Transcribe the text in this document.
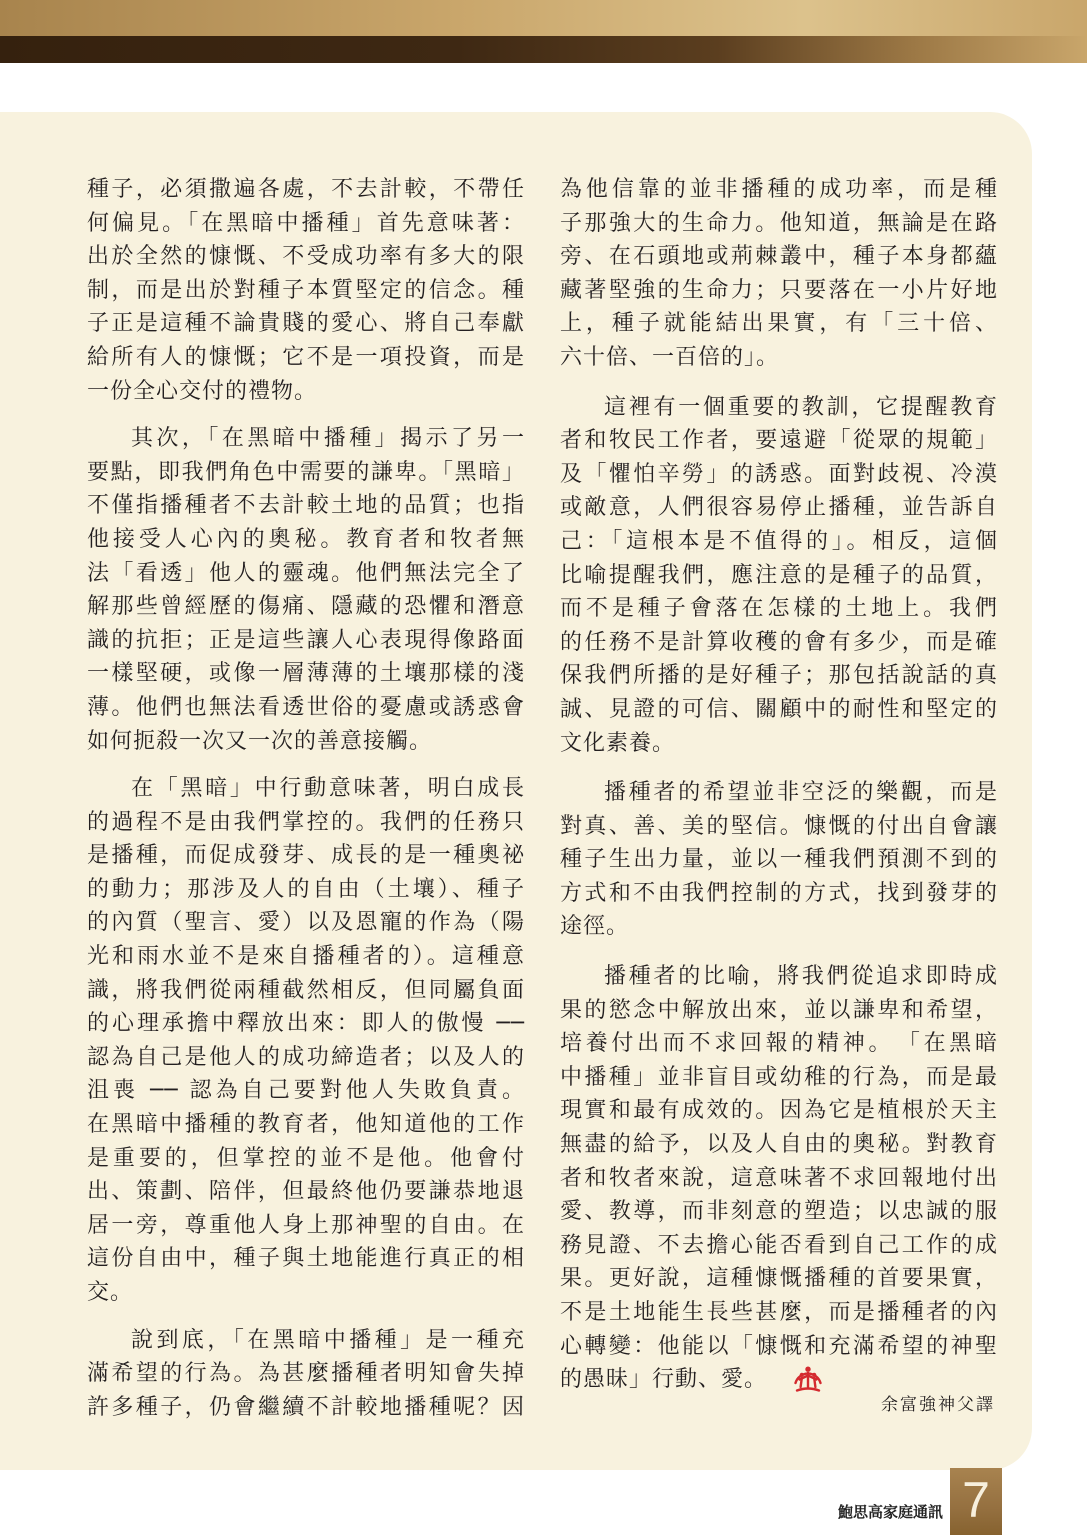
種子，必須撒遍各處，不去計較，不帶任
何偏見。「在黑暗中播種」首先意味著：
出於全然的慷慨、不受成功率有多大的限
制，而是出於對種子本質堅定的信念。種
子正是這種不論貴賤的愛心、將自己奉獻
給所有人的慷慨；它不是一項投資，而是
一份全心交付的禮物。
其次，「在黑暗中播種」揭示了另一
要點，即我們角色中需要的謙卑。「黑暗」
不僅指播種者不去計較土地的品質；也指
他接受人心內的奧秘。教育者和牧者無
法「看透」他人的靈魂。他們無法完全了
解那些曾經歷的傷痛、隱藏的恐懼和潛意
識的抗拒；正是這些讓人心表現得像路面
一樣堅硬，或像一層薄薄的土壤那樣的淺
薄。他們也無法看透世俗的憂慮或誘惑會
如何扼殺一次又一次的善意接觸。
在「黑暗」中行動意味著，明白成長
的過程不是由我們掌控的。我們的任務只
是播種，而促成發芽、成長的是一種奧祕
的動力；那涉及人的自由（土壤）、種子
的內質（聖言、愛）以及恩寵的作為（陽
光和雨水並不是來自播種者的）。這種意
識，將我們從兩種截然相反，但同屬負面
的心理承擔中釋放出來：即人的傲慢 ──
認為自己是他人的成功締造者；以及人的
沮喪 ── 認為自己要對他人失敗負責。
在黑暗中播種的教育者，他知道他的工作
是重要的，但掌控的並不是他。他會付
出、策劃、陪伴，但最終他仍要謙恭地退
居一旁，尊重他人身上那神聖的自由。在
這份自由中，種子與土地能進行真正的相
交。
說到底，「在黑暗中播種」是一種充
滿希望的行為。為甚麼播種者明知會失掉
許多種子，仍會繼續不計較地播種呢？因
為他信靠的並非播種的成功率，而是種
子那強大的生命力。他知道，無論是在路
旁、在石頭地或荊棘叢中，種子本身都蘊
藏著堅強的生命力；只要落在一小片好地
上，種子就能結出果實，有「三十倍、
六十倍、一百倍的」。
這裡有一個重要的教訓，它提醒教育
者和牧民工作者，要遠避「從眾的規範」
及「懼怕辛勞」的誘惑。面對歧視、冷漠
或敵意，人們很容易停止播種，並告訴自
己：「這根本是不值得的」。相反，這個
比喻提醒我們，應注意的是種子的品質，
而不是種子會落在怎樣的土地上。我們
的任務不是計算收穫的會有多少，而是確
保我們所播的是好種子；那包括說話的真
誠、見證的可信、關顧中的耐性和堅定的
文化素養。
播種者的希望並非空泛的樂觀，而是
對真、善、美的堅信。慷慨的付出自會讓
種子生出力量，並以一種我們預測不到的
方式和不由我們控制的方式，找到發芽的
途徑。
播種者的比喻，將我們從追求即時成
果的慾念中解放出來，並以謙卑和希望，
培養付出而不求回報的精神。　「在黑暗
中播種」並非盲目或幼稚的行為，而是最
現實和最有成效的。因為它是植根於天主
無盡的給予，以及人自由的奧秘。對教育
者和牧者來說，這意味著不求回報地付出
愛、教導，而非刻意的塑造；以忠誠的服
務見證、不去擔心能否看到自己工作的成
果。更好說，這種慷慨播種的首要果實，
不是土地能生長些甚麼，而是播種者的內
心轉變：他能以「慷慨和充滿希望的神聖
的愚昧」行動、愛。
余富強神父譯
鮑思高家庭通訊 7
